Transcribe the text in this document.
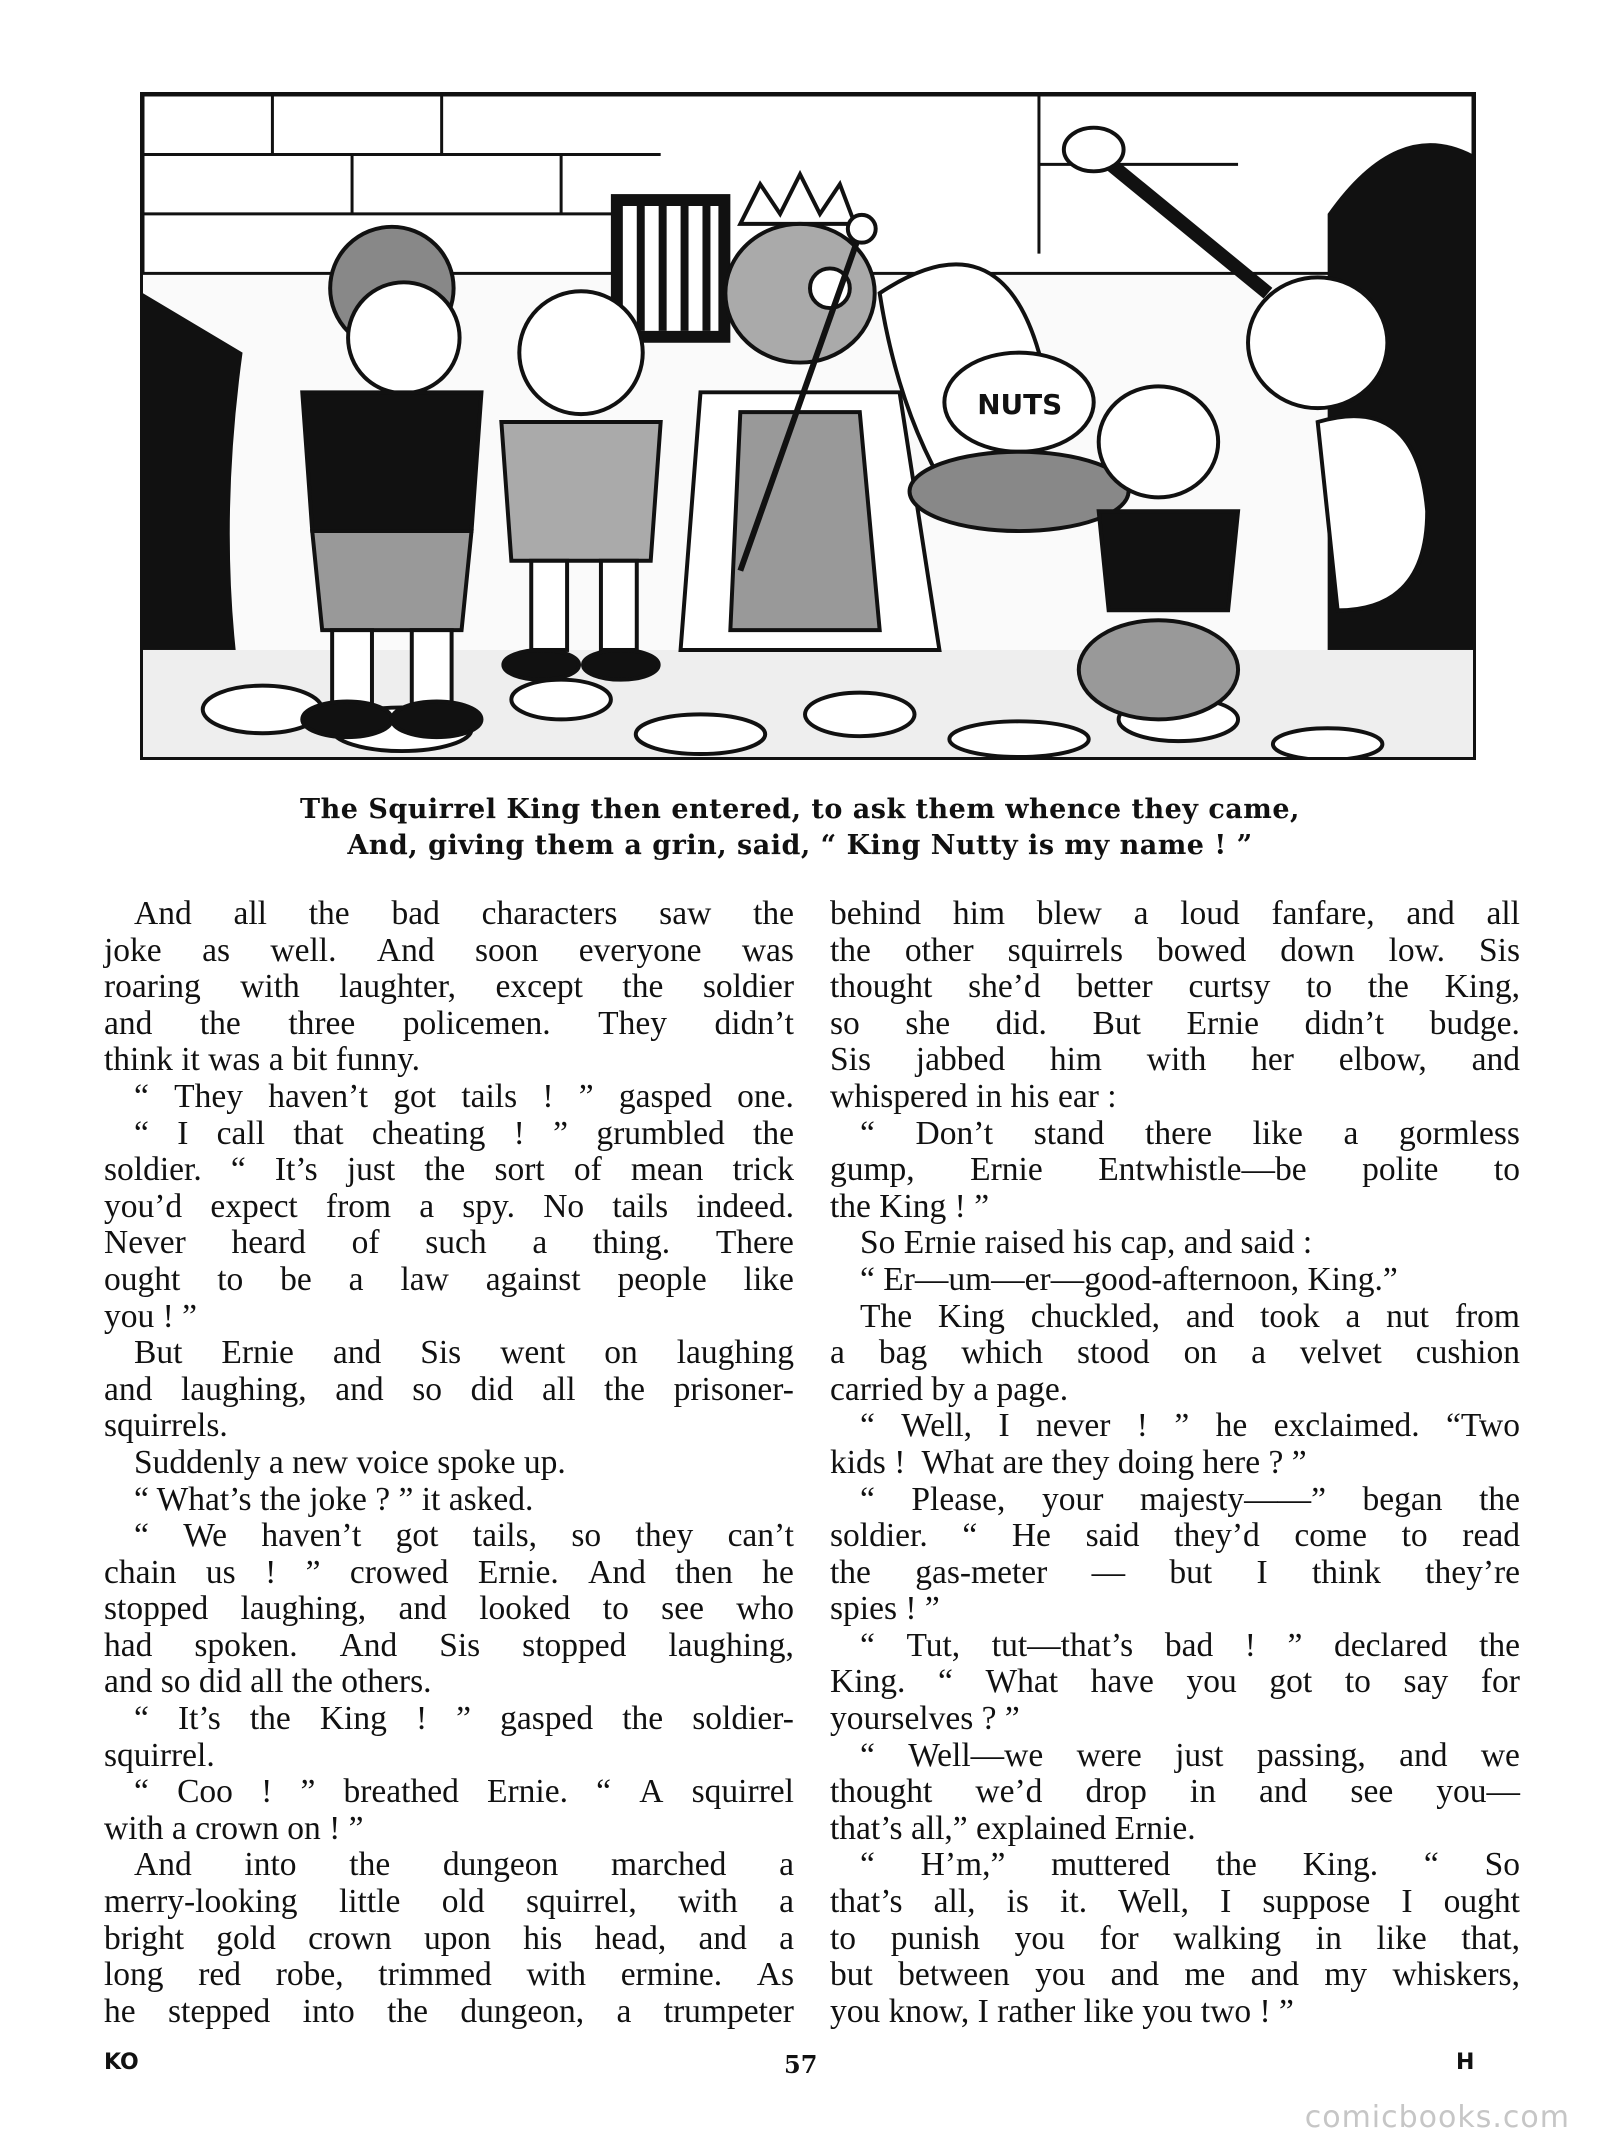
NUTS
The Squirrel King then entered, to ask them whence they came,
And, giving them a grin, said, “ King Nutty is my name ! ”
And all the bad characters saw the
joke as well. And soon everyone was
roaring with laughter, except the soldier
and the three policemen. They didn’t
think it was a bit funny.
“ They haven’t got tails ! ” gasped one.
“ I call that cheating ! ” grumbled the
soldier. “ It’s just the sort of mean trick
you’d expect from a spy. No tails indeed.
Never heard of such a thing. There
ought to be a law against people like
you ! ”
But Ernie and Sis went on laughing
and laughing, and so did all the prisoner-
squirrels.
Suddenly a new voice spoke up.
“ What’s the joke ? ” it asked.
“ We haven’t got tails, so they can’t
chain us ! ” crowed Ernie. And then he
stopped laughing, and looked to see who
had spoken. And Sis stopped laughing,
and so did all the others.
“ It’s the King ! ” gasped the soldier-
squirrel.
“ Coo ! ” breathed Ernie. “ A squirrel
with a crown on ! ”
And into the dungeon marched a
merry-looking little old squirrel, with a
bright gold crown upon his head, and a
long red robe, trimmed with ermine. As
he stepped into the dungeon, a trumpeter
behind him blew a loud fanfare, and all
the other squirrels bowed down low. Sis
thought she’d better curtsy to the King,
so she did. But Ernie didn’t budge.
Sis jabbed him with her elbow, and
whispered in his ear :
“ Don’t stand there like a gormless
gump, Ernie Entwhistle—be polite to
the King ! ”
So Ernie raised his cap, and said :
“ Er—um—er—good-afternoon, King.”
The King chuckled, and took a nut from
a bag which stood on a velvet cushion
carried by a page.
“ Well, I never ! ” he exclaimed. “Two
kids !  What are they doing here ? ”
“ Please, your majesty——” began the
soldier. “ He said they’d come to read
the gas-meter — but I think they’re
spies ! ”
“ Tut, tut—that’s bad ! ” declared the
King. “ What have you got to say for
yourselves ? ”
“ Well—we were just passing, and we
thought we’d drop in and see you—
that’s all,” explained Ernie.
“ H’m,” muttered the King. “ So
that’s all, is it. Well, I suppose I ought
to punish you for walking in like that,
but between you and me and my whiskers,
you know, I rather like you two ! ”
KO	57	H
comicbooks.com
